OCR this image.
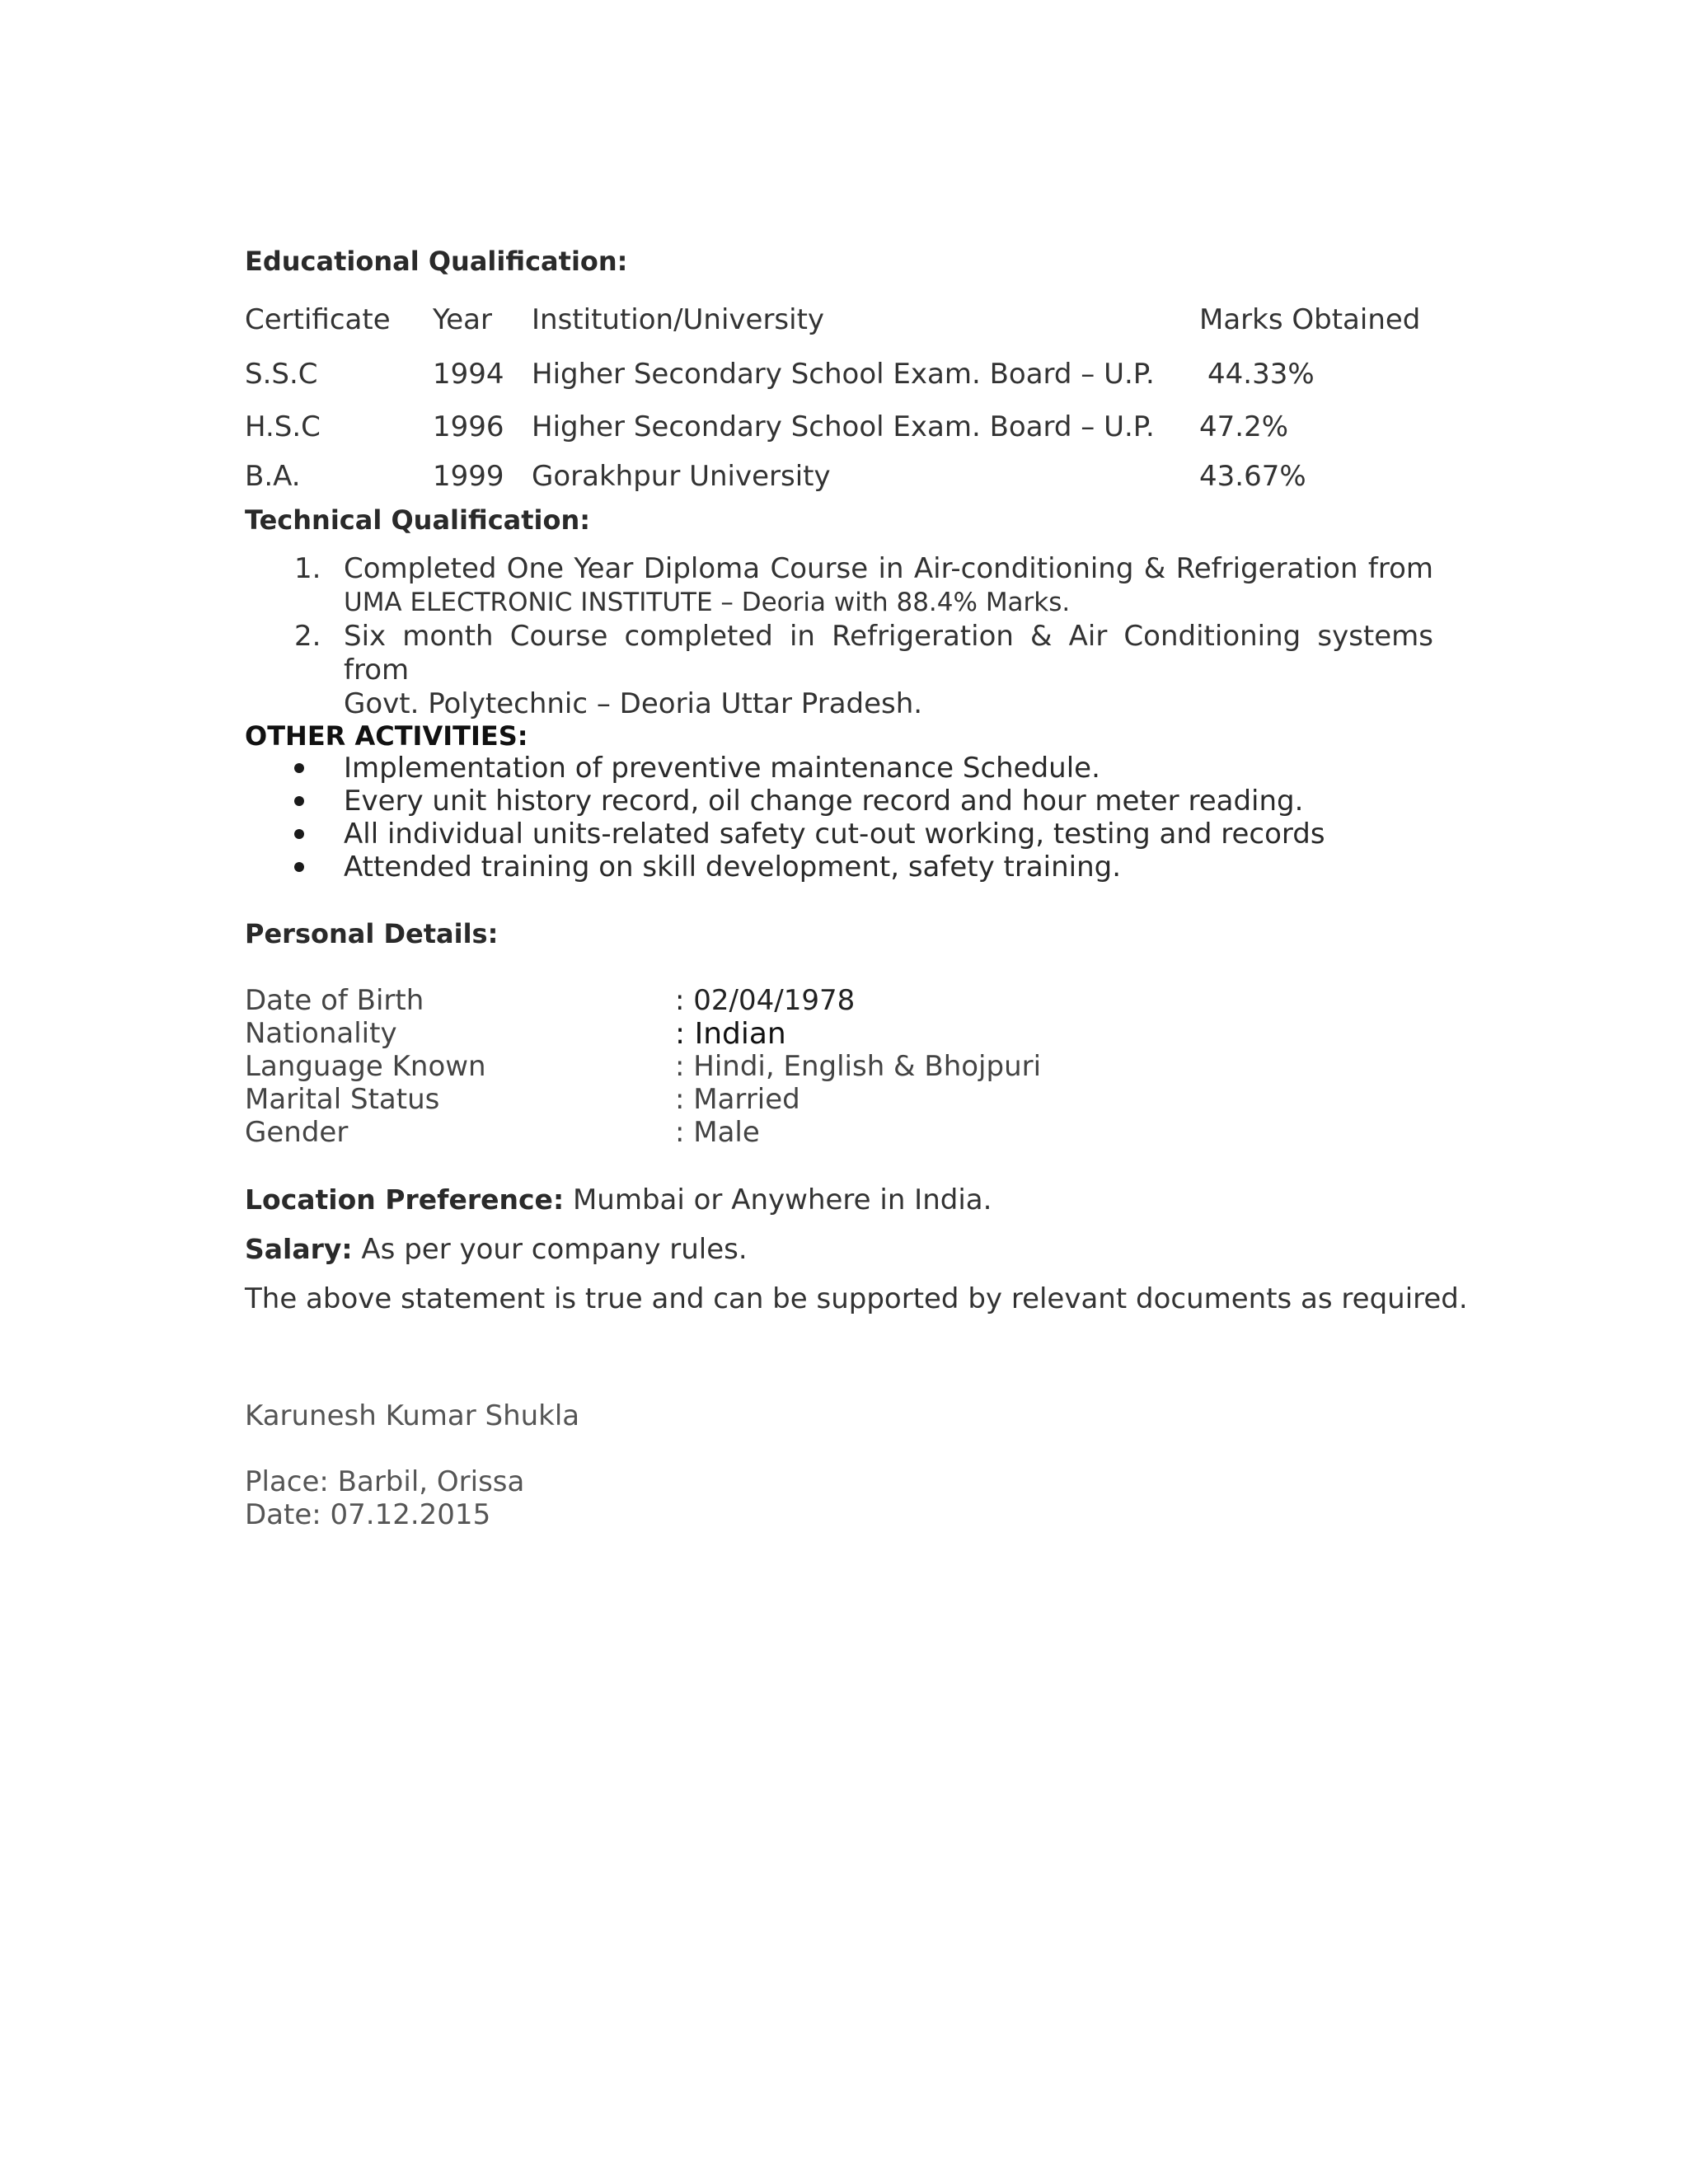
Educational Qualification:
Certificate Year Institution/University	Marks Obtained
S.S.C	1994 Higher Secondary School Exam. Board – U.P. 44.33%
H.S.C	1996 Higher Secondary School Exam. Board – U.P. 47.2%
B.A.	1999 Gorakhpur University	43.67%
Technical Qualification:
1. Completed One Year Diploma Course in Air-conditioning & Refrigeration from
UMA ELECTRONIC INSTITUTE – Deoria with 88.4% Marks.
2. Six month Course completed in Refrigeration & Air Conditioning systems from
Govt. Polytechnic – Deoria Uttar Pradesh.
OTHER ACTIVITIES:
Implementation of preventive maintenance Schedule.
Every unit history record, oil change record and hour meter reading.
All individual units-related safety cut-out working, testing and records
Attended training on skill development, safety training.
Personal Details:
Date of Birth	: 02/04/1978
Nationality	: Indian
Language Known	: Hindi, English & Bhojpuri
Marital Status	: Married
Gender	: Male
Location Preference: Mumbai or Anywhere in India.
Salary: As per your company rules.
The above statement is true and can be supported by relevant documents as required.
Karunesh Kumar Shukla
Place: Barbil, Orissa
Date: 07.12.2015
